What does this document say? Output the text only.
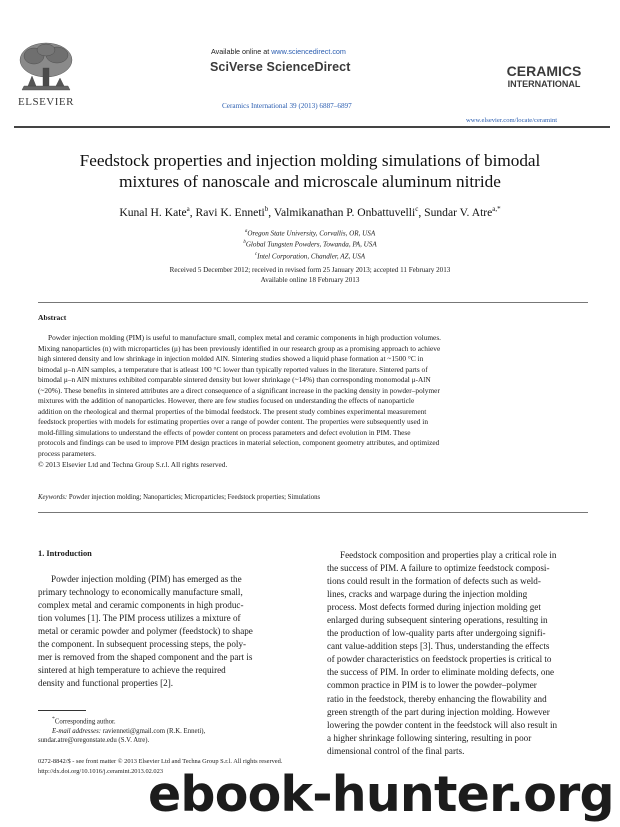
ELSEVIER
Available online at www.sciencedirect.com
SciVerse ScienceDirect
Ceramics International 39 (2013) 6887–6897
CERAMICS
INTERNATIONAL
www.elsevier.com/locate/ceramint
Feedstock properties and injection molding simulations of bimodal
mixtures of nanoscale and microscale aluminum nitride
Kunal H. Kate$^a$, Ravi K. Enneti$^b$, Valmikanathan P. Onbattuvelli$^c$, Sundar V. Atre$^{a,*}$
$^a$Oregon State University, Corvallis, OR, USA
$^b$Global Tungsten Powders, Towanda, PA, USA
$^c$Intel Corporation, Chandler, AZ, USA
Received 5 December 2012; received in revised form 25 January 2013; accepted 11 February 2013
Available online 18 February 2013
Abstract
Powder injection molding (PIM) is useful to manufacture small, complex metal and ceramic components in high production volumes.
Mixing nanoparticles (n) with microparticles (μ) has been previously identified in our research group as a promising approach to achieve
high sintered density and low shrinkage in injection molded AlN. Sintering studies showed a liquid phase formation at ~1500 °C in
bimodal μ–n AlN samples, a temperature that is atleast 100 °C lower than typically reported values in the literature. Sintered parts of
bimodal μ–n AlN mixtures exhibited comparable sintered density but lower shrinkage (~14%) than corresponding monomodal μ-AlN
(~20%). These benefits in sintered attributes are a direct consequence of a significant increase in the packing density in powder–polymer
mixtures with the addition of nanoparticles. However, there are few studies focused on understanding the effects of nanoparticle
addition on the rheological and thermal properties of the bimodal feedstock. The present study combines experimental measurement
feedstock properties with models for estimating properties over a range of powder content. The properties were subsequently used in
mold-filling simulations to understand the effects of powder content on process parameters and defect evolution in PIM. These
protocols and findings can be used to improve PIM design practices in material selection, component geometry attributes, and optimized
process parameters.
© 2013 Elsevier Ltd and Techna Group S.r.l. All rights reserved.
Keywords: Powder injection molding; Nanoparticles; Microparticles; Feedstock properties; Simulations
1. Introduction
Powder injection molding (PIM) has emerged as the
primary technology to economically manufacture small,
complex metal and ceramic components in high produc-
tion volumes [1]. The PIM process utilizes a mixture of
metal or ceramic powder and polymer (feedstock) to shape
the component. In subsequent processing steps, the poly-
mer is removed from the shaped component and the part is
sintered at high temperature to achieve the required
density and functional properties [2].
Feedstock composition and properties play a critical role in
the success of PIM. A failure to optimize feedstock composi-
tions could result in the formation of defects such as weld-
lines, cracks and warpage during the injection molding
process. Most defects formed during injection molding get
enlarged during subsequent sintering operations, resulting in
the production of low-quality parts after undergoing signifi-
cant value-addition steps [3]. Thus, understanding the effects
of powder characteristics on feedstock properties is critical to
the success of PIM. In order to eliminate molding defects, one
common practice in PIM is to lower the powder–polymer
ratio in the feedstock, thereby enhancing the flowability and
green strength of the part during injection molding. However
lowering the powder content in the feedstock will also result in
a higher shrinkage following sintering, resulting in poor
dimensional control of the final parts.
*Corresponding author.
E-mail addresses: ravienneti@gmail.com (R.K. Enneti),
sundar.atre@oregonstate.edu (S.V. Atre).
0272-8842/$ - see front matter © 2013 Elsevier Ltd and Techna Group S.r.l. All rights reserved.
http://dx.doi.org/10.1016/j.ceramint.2013.02.023
ebook-hunter.org
